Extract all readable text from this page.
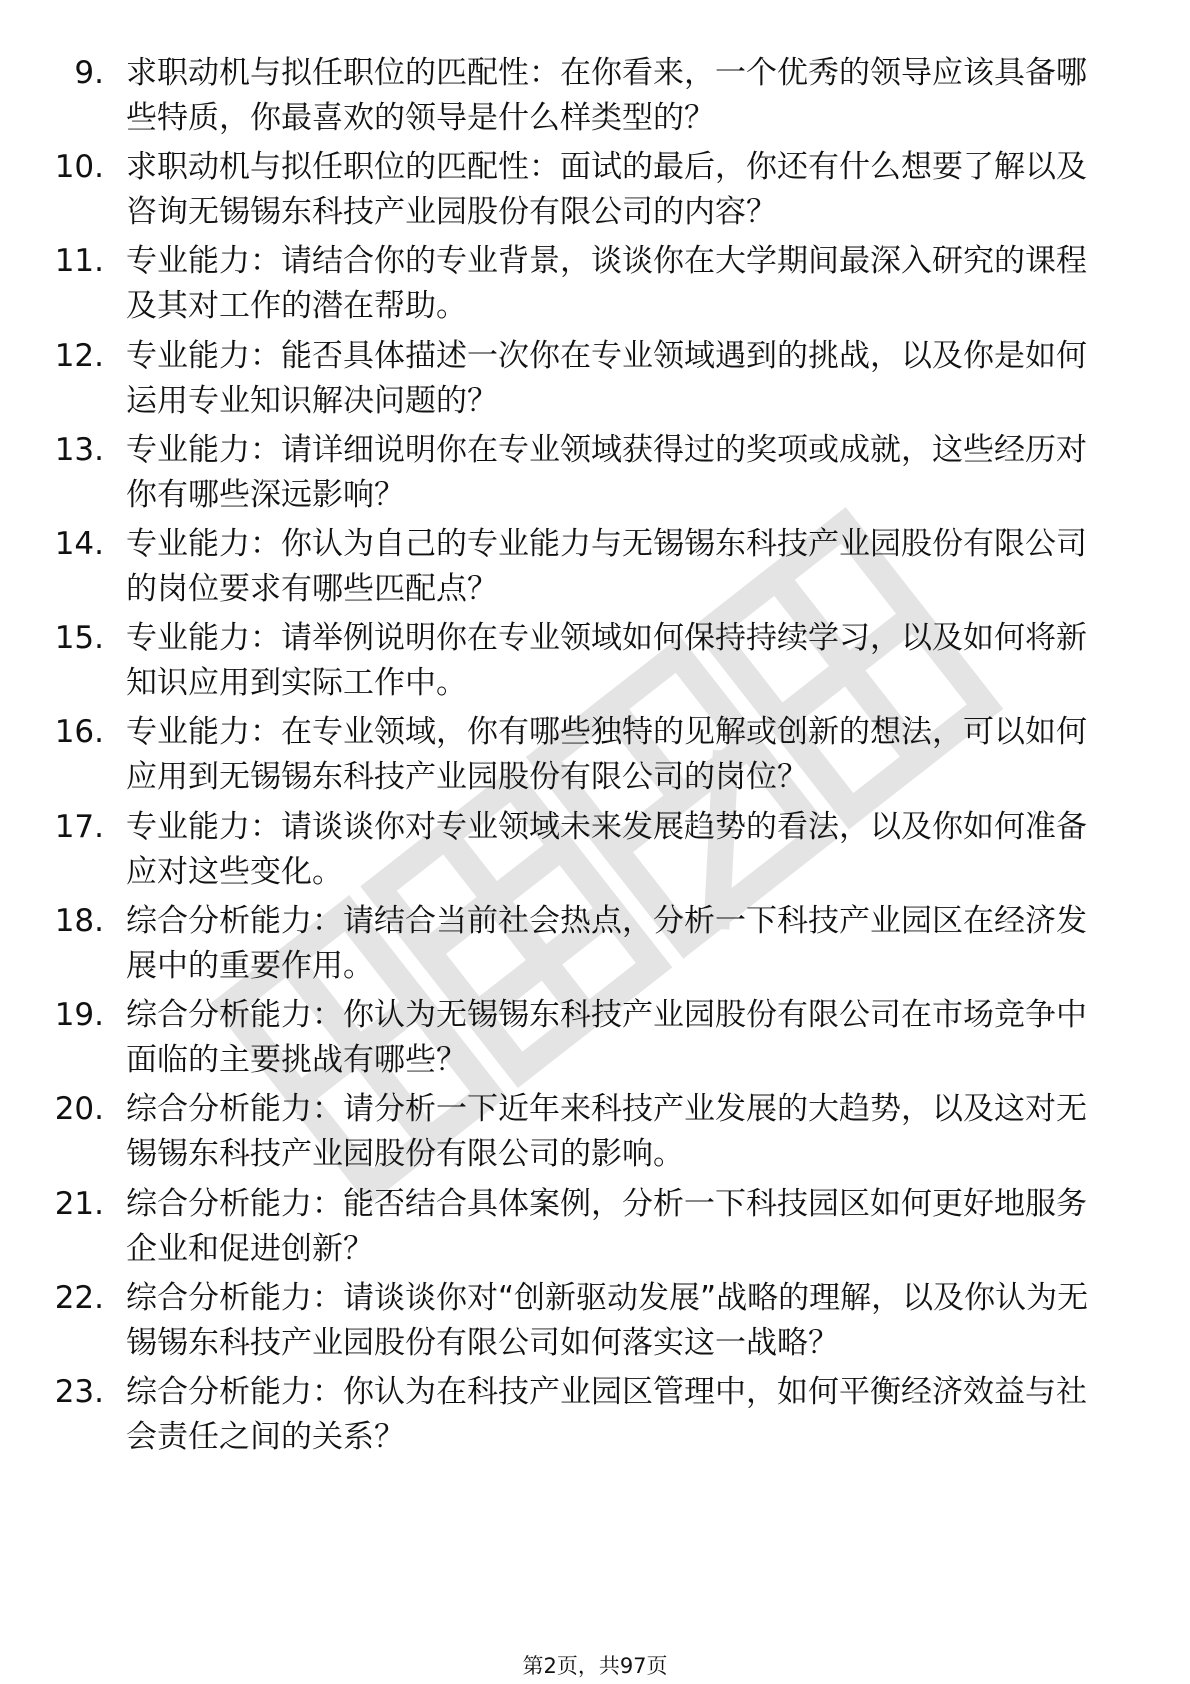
9. 求职动机与拟任职位的匹配性：在你看来，一个优秀的领导应该具备哪些特质，你最喜欢的领导是什么样类型的？
10. 求职动机与拟任职位的匹配性：面试的最后，你还有什么想要了解以及咨询无锡锡东科技产业园股份有限公司的内容？
11. 专业能力：请结合你的专业背景，谈谈你在大学期间最深入研究的课程及其对工作的潜在帮助。
12. 专业能力：能否具体描述一次你在专业领域遇到的挑战，以及你是如何运用专业知识解决问题的？
13. 专业能力：请详细说明你在专业领域获得过的奖项或成就，这些经历对你有哪些深远影响？
14. 专业能力：你认为自己的专业能力与无锡锡东科技产业园股份有限公司的岗位要求有哪些匹配点？
15. 专业能力：请举例说明你在专业领域如何保持持续学习，以及如何将新知识应用到实际工作中。
16. 专业能力：在专业领域，你有哪些独特的见解或创新的想法，可以如何应用到无锡锡东科技产业园股份有限公司的岗位？
17. 专业能力：请谈谈你对专业领域未来发展趋势的看法，以及你如何准备应对这些变化。
18. 综合分析能力：请结合当前社会热点，分析一下科技产业园区在经济发展中的重要作用。
19. 综合分析能力：你认为无锡锡东科技产业园股份有限公司在市场竞争中面临的主要挑战有哪些？
20. 综合分析能力：请分析一下近年来科技产业发展的大趋势，以及这对无锡锡东科技产业园股份有限公司的影响。
21. 综合分析能力：能否结合具体案例，分析一下科技园区如何更好地服务企业和促进创新？
22. 综合分析能力：请谈谈你对“创新驱动发展”战略的理解，以及你认为无锡锡东科技产业园股份有限公司如何落实这一战略？
23. 综合分析能力：你认为在科技产业园区管理中，如何平衡经济效益与社会责任之间的关系？
第2页，共97页
